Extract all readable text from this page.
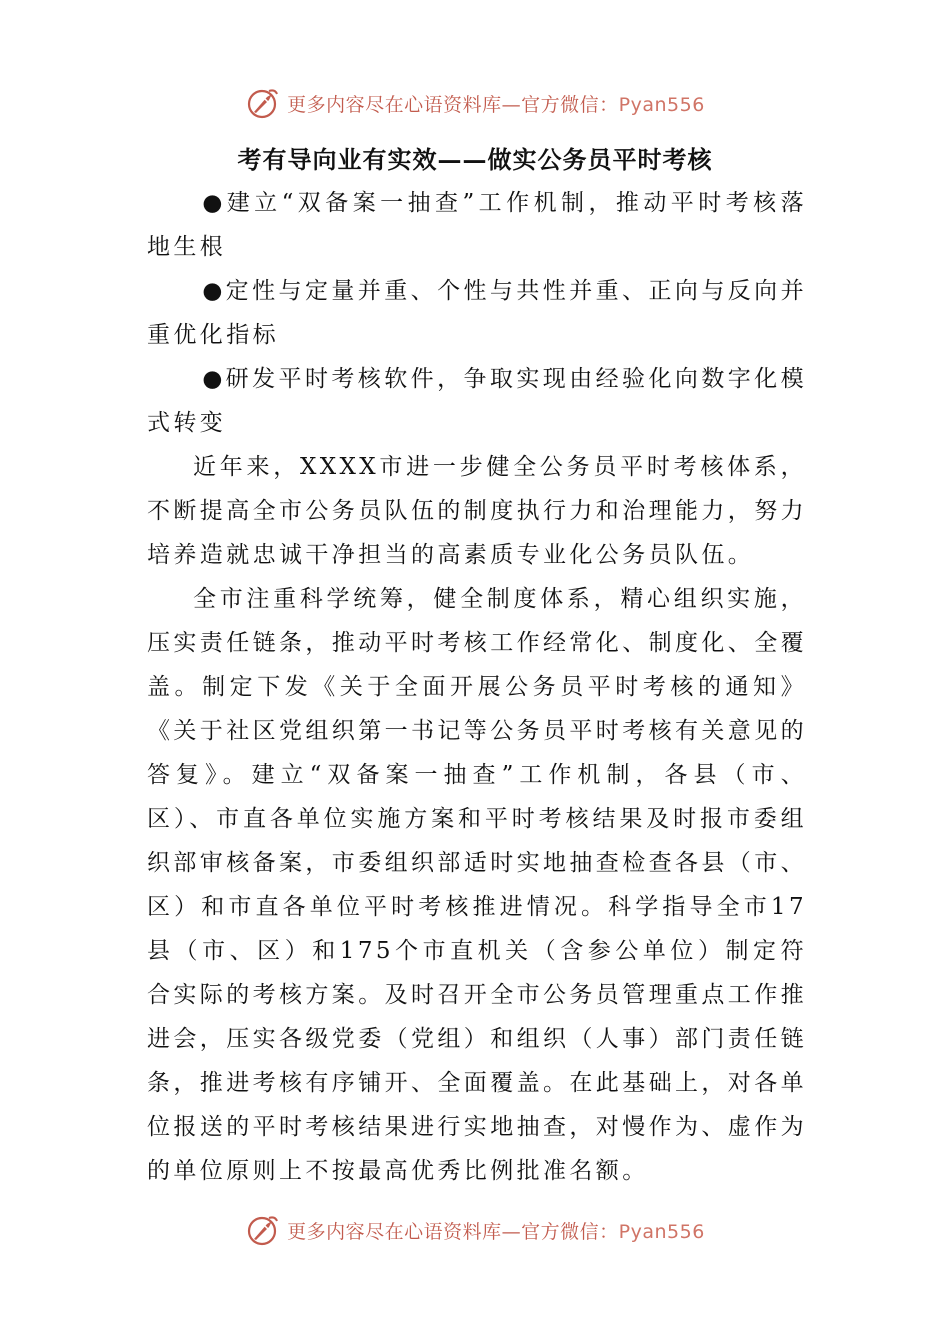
更多内容尽在心语资料库—官方微信：Pyan556
考有导向业有实效——做实公务员平时考核

●建立“双备案一抽查”工作机制，推动平时考核落地生根

●定性与定量并重、个性与共性并重、正向与反向并重优化指标

●研发平时考核软件，争取实现由经验化向数字化模式转变

近年来，XXXX市进一步健全公务员平时考核体系，不断提高全市公务员队伍的制度执行力和治理能力，努力培养造就忠诚干净担当的高素质专业化公务员队伍。

全市注重科学统筹，健全制度体系，精心组织实施，压实责任链条，推动平时考核工作经常化、制度化、全覆盖。制定下发《关于全面开展公务员平时考核的通知》《关于社区党组织第一书记等公务员平时考核有关意见的答复》。建立“双备案一抽查”工作机制，各县（市、区）、市直各单位实施方案和平时考核结果及时报市委组织部审核备案，市委组织部适时实地抽查检查各县（市、区）和市直各单位平时考核推进情况。科学指导全市17县（市、区）和175个市直机关（含参公单位）制定符合实际的考核方案。及时召开全市公务员管理重点工作推进会，压实各级党委（党组）和组织（人事）部门责任链条，推进考核有序铺开、全面覆盖。在此基础上，对各单位报送的平时考核结果进行实地抽查，对慢作为、虚作为的单位原则上不按最高优秀比例批准名额。

更多内容尽在心语资料库—官方微信：Pyan556
